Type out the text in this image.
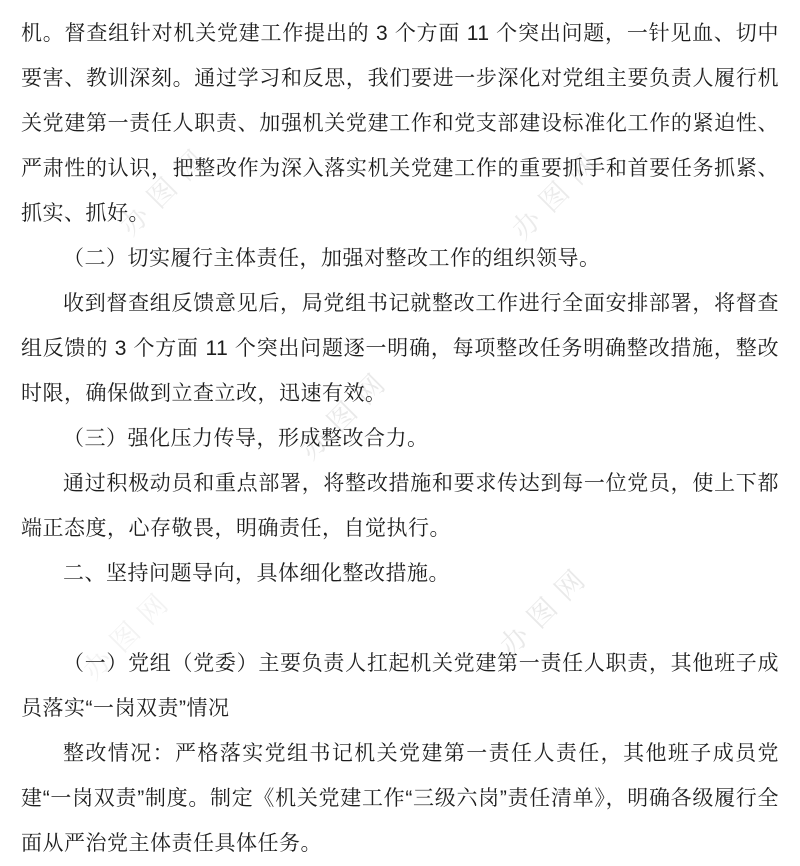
办图网	办图网
办图网
办图网
办图网

机。督查组针对机关党建工作提出的 3 个方面 11 个突出问题，一针见血、切中要害、教训深刻。通过学习和反思，我们要进一步深化对党组主要负责人履行机关党建第一责任人职责、加强机关党建工作和党支部建设标准化工作的紧迫性、严肃性的认识，把整改作为深入落实机关党建工作的重要抓手和首要任务抓紧、抓实、抓好。

（二）切实履行主体责任，加强对整改工作的组织领导。

收到督查组反馈意见后，局党组书记就整改工作进行全面安排部署，将督查组反馈的 3 个方面 11 个突出问题逐一明确，每项整改任务明确整改措施，整改时限，确保做到立查立改，迅速有效。

（三）强化压力传导，形成整改合力。

通过积极动员和重点部署，将整改措施和要求传达到每一位党员，使上下都端正态度，心存敬畏，明确责任，自觉执行。

二、坚持问题导向，具体细化整改措施。

（一）党组（党委）主要负责人扛起机关党建第一责任人职责，其他班子成员落实“一岗双责”情况

整改情况：严格落实党组书记机关党建第一责任人责任，其他班子成员党建“一岗双责”制度。制定《机关党建工作“三级六岗”责任清单》，明确各级履行全面从严治党主体责任具体任务。
